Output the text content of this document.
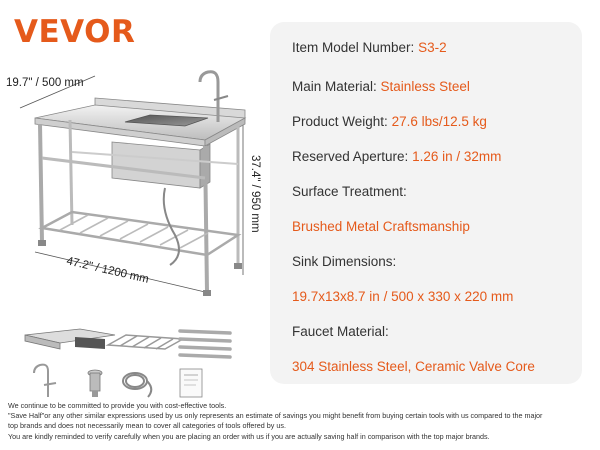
VEVOR
19.7" / 500 mm
37.4" / 950 mm
47.2" / 1200 mm
Item Model Number: S3-2
Main Material: Stainless Steel
Product Weight: 27.6 lbs/12.5 kg
Reserved Aperture: 1.26 in / 32mm
Surface Treatment:
Brushed Metal Craftsmanship
Sink Dimensions:
19.7x13x8.7 in / 500 x 330 x 220 mm
Faucet Material:
304 Stainless Steel, Ceramic Valve Core
We continue to be committed to provide you with cost-effective tools.
"Save Half"or any other similar expressions used by us only represents an estimate of savings you might benefit from buying certain tools with us compared to the major
top brands and does not necessarily mean to cover all categories of tools offered by us.
You are kindly reminded to verify carefully when you are placing an order with us if you are actually saving half in comparison with the top major brands.
